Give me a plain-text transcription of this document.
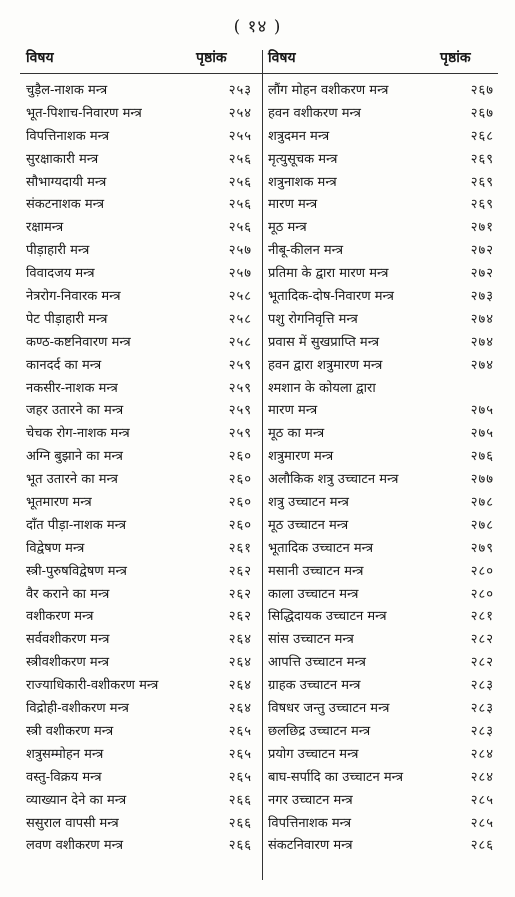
( १४ )
विषय	पृष्ठांक	विषय	पृष्ठांक
चुड़ैल-नाशक मन्त्र	२५३
भूत-पिशाच-निवारण मन्त्र	२५४
विपत्तिनाशक मन्त्र	२५५
सुरक्षाकारी मन्त्र	२५६
सौभाग्यदायी मन्त्र	२५६
संकटनाशक मन्त्र	२५६
रक्षामन्त्र	२५६
पीड़ाहारी मन्त्र	२५७
विवादजय मन्त्र	२५७
नेत्ररोग-निवारक मन्त्र	२५८
पेट पीड़ाहारी मन्त्र	२५८
कण्ठ-कष्टनिवारण मन्त्र	२५८
कानदर्द का मन्त्र	२५९
नकसीर-नाशक मन्त्र	२५९
जहर उतारने का मन्त्र	२५९
चेचक रोग-नाशक मन्त्र	२५९
अग्नि बुझाने का मन्त्र	२६०
भूत उतारने का मन्त्र	२६०
भूतमारण मन्त्र	२६०
दाँत पीड़ा-नाशक मन्त्र	२६०
विद्वेषण मन्त्र	२६१
स्त्री-पुरुषविद्वेषण मन्त्र	२६२
वैर कराने का मन्त्र	२६२
वशीकरण मन्त्र	२६२
सर्ववशीकरण मन्त्र	२६४
स्त्रीवशीकरण मन्त्र	२६४
राज्याधिकारी-वशीकरण मन्त्र	२६४
विद्रोही-वशीकरण मन्त्र	२६४
स्त्री वशीकरण मन्त्र	२६५
शत्रुसम्मोहन मन्त्र	२६५
वस्तु-विक्रय मन्त्र	२६५
व्याख्यान देने का मन्त्र	२६६
ससुराल वापसी मन्त्र	२६६
लवण वशीकरण मन्त्र	२६६
लौंग मोहन वशीकरण मन्त्र	२६७
हवन वशीकरण मन्त्र	२६७
शत्रुदमन मन्त्र	२६८
मृत्युसूचक मन्त्र	२६९
शत्रुनाशक मन्त्र	२६९
मारण मन्त्र	२६९
मूठ मन्त्र	२७१
नीबू-कीलन मन्त्र	२७२
प्रतिमा के द्वारा मारण मन्त्र	२७२
भूतादिक-दोष-निवारण मन्त्र	२७३
पशु रोगनिवृत्ति मन्त्र	२७४
प्रवास में सुखप्राप्ति मन्त्र	२७४
हवन द्वारा शत्रुमारण मन्त्र	२७४
श्मशान के कोयला द्वारा
मारण मन्त्र	२७५
मूठ का मन्त्र	२७५
शत्रुमारण मन्त्र	२७६
अलौकिक शत्रु उच्चाटन मन्त्र	२७७
शत्रु उच्चाटन मन्त्र	२७८
मूठ उच्चाटन मन्त्र	२७८
भूतादिक उच्चाटन मन्त्र	२७९
मसानी उच्चाटन मन्त्र	२८०
काला उच्चाटन मन्त्र	२८०
सिद्धिदायक उच्चाटन मन्त्र	२८१
सांस उच्चाटन मन्त्र	२८२
आपत्ति उच्चाटन मन्त्र	२८२
ग्राहक उच्चाटन मन्त्र	२८३
विषधर जन्तु उच्चाटन मन्त्र	२८३
छलछिद्र उच्चाटन मन्त्र	२८३
प्रयोग उच्चाटन मन्त्र	२८४
बाघ-सर्पादि का उच्चाटन मन्त्र	२८४
नगर उच्चाटन मन्त्र	२८५
विपत्तिनाशक मन्त्र	२८५
संकटनिवारण मन्त्र	२८६
